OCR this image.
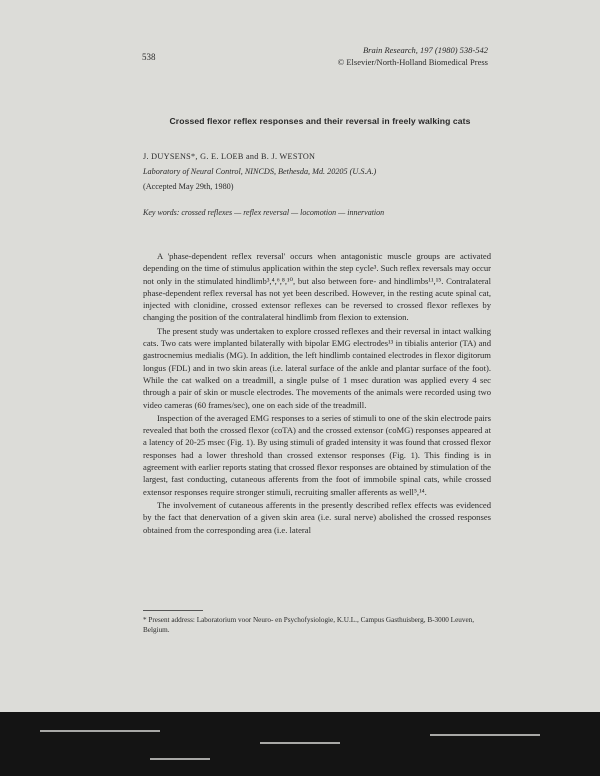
538
Brain Research, 197 (1980) 538-542
© Elsevier/North-Holland Biomedical Press
Crossed flexor reflex responses and their reversal in freely walking cats
J. DUYSENS*, G. E. LOEB and B. J. WESTON
Laboratory of Neural Control, NINCDS, Bethesda, Md. 20205 (U.S.A.)
(Accepted May 29th, 1980)
Key words: crossed reflexes — reflex reversal — locomotion — innervation

A 'phase-dependent reflex reversal' occurs when antagonistic muscle groups are activated depending on the time of stimulus application within the step cycle³. Such reflex reversals may occur not only in the stimulated hindlimb³,⁴,⁶,⁸,¹⁰, but also between fore- and hindlimbs¹¹,¹⁵. Contralateral phase-dependent reflex reversal has not yet been described. However, in the resting acute spinal cat, injected with clonidine, crossed extensor reflexes can be reversed to crossed flexor reflexes by changing the position of the contralateral hindlimb from flexion to extension.

The present study was undertaken to explore crossed reflexes and their reversal in intact walking cats. Two cats were implanted bilaterally with bipolar EMG electrodes¹³ in tibialis anterior (TA) and gastrocnemius medialis (MG). In addition, the left hindlimb contained electrodes in flexor digitorum longus (FDL) and in two skin areas (i.e. lateral surface of the ankle and plantar surface of the foot). While the cat walked on a treadmill, a single pulse of 1 msec duration was applied every 4 sec through a pair of skin or muscle electrodes. The movements of the animals were recorded using two video cameras (60 frames/sec), one on each side of the treadmill.

Inspection of the averaged EMG responses to a series of stimuli to one of the skin electrode pairs revealed that both the crossed flexor (coTA) and the crossed extensor (coMG) responses appeared at a latency of 20-25 msec (Fig. 1). By using stimuli of graded intensity it was found that crossed flexor responses had a lower threshold than crossed extensor responses (Fig. 1). This finding is in agreement with earlier reports stating that crossed flexor responses are obtained by stimulation of the largest, fast conducting, cutaneous afferents from the foot of immobile spinal cats, while crossed extensor responses require stronger stimuli, recruiting smaller afferents as well⁵,¹⁴.

The involvement of cutaneous afferents in the presently described reflex effects was evidenced by the fact that denervation of a given skin area (i.e. sural nerve) abolished the crossed responses obtained from the corresponding area (i.e. lateral

* Present address: Laboratorium voor Neuro- en Psychofysiologie, K.U.L., Campus Gasthuisberg, B-3000 Leuven, Belgium.
